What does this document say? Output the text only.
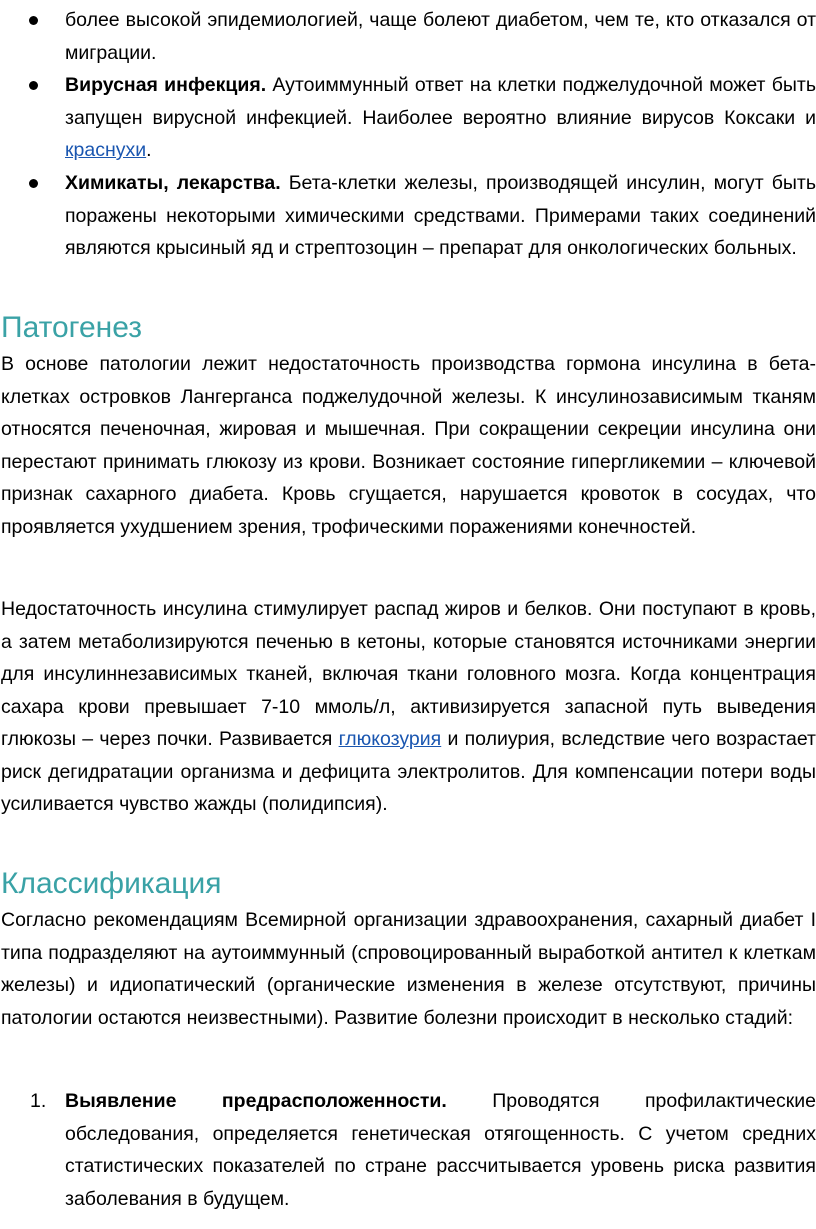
более высокой эпидемиологией, чаще болеют диабетом, чем те, кто отказался от миграции.

Вирусная инфекция. Аутоиммунный ответ на клетки поджелудочной может быть запущен вирусной инфекцией. Наиболее вероятно влияние вирусов Коксаки и краснухи.

Химикаты, лекарства. Бета-клетки железы, производящей инсулин, могут быть поражены некоторыми химическими средствами. Примерами таких соединений являются крысиный яд и стрептозоцин – препарат для онкологических больных.

Патогенез

В основе патологии лежит недостаточность производства гормона инсулина в бета-клетках островков Лангерганса поджелудочной железы. К инсулинозависимым тканям относятся печеночная, жировая и мышечная. При сокращении секреции инсулина они перестают принимать глюкозу из крови. Возникает состояние гипергликемии – ключевой признак сахарного диабета. Кровь сгущается, нарушается кровоток в сосудах, что проявляется ухудшением зрения, трофическими поражениями конечностей.

Недостаточность инсулина стимулирует распад жиров и белков. Они поступают в кровь, а затем метаболизируются печенью в кетоны, которые становятся источниками энергии для инсулиннезависимых тканей, включая ткани головного мозга. Когда концентрация сахара крови превышает 7-10 ммоль/л, активизируется запасной путь выведения глюкозы – через почки. Развивается глюкозурия и полиурия, вследствие чего возрастает риск дегидратации организма и дефицита электролитов. Для компенсации потери воды усиливается чувство жажды (полидипсия).

Классификация

Согласно рекомендациям Всемирной организации здравоохранения, сахарный диабет I типа подразделяют на аутоиммунный (спровоцированный выработкой антител к клеткам железы) и идиопатический (органические изменения в железе отсутствуют, причины патологии остаются неизвестными). Развитие болезни происходит в несколько стадий:

1. Выявление предрасположенности. Проводятся профилактические обследования, определяется генетическая отягощенность. С учетом средних статистических показателей по стране рассчитывается уровень риска развития заболевания в будущем.
